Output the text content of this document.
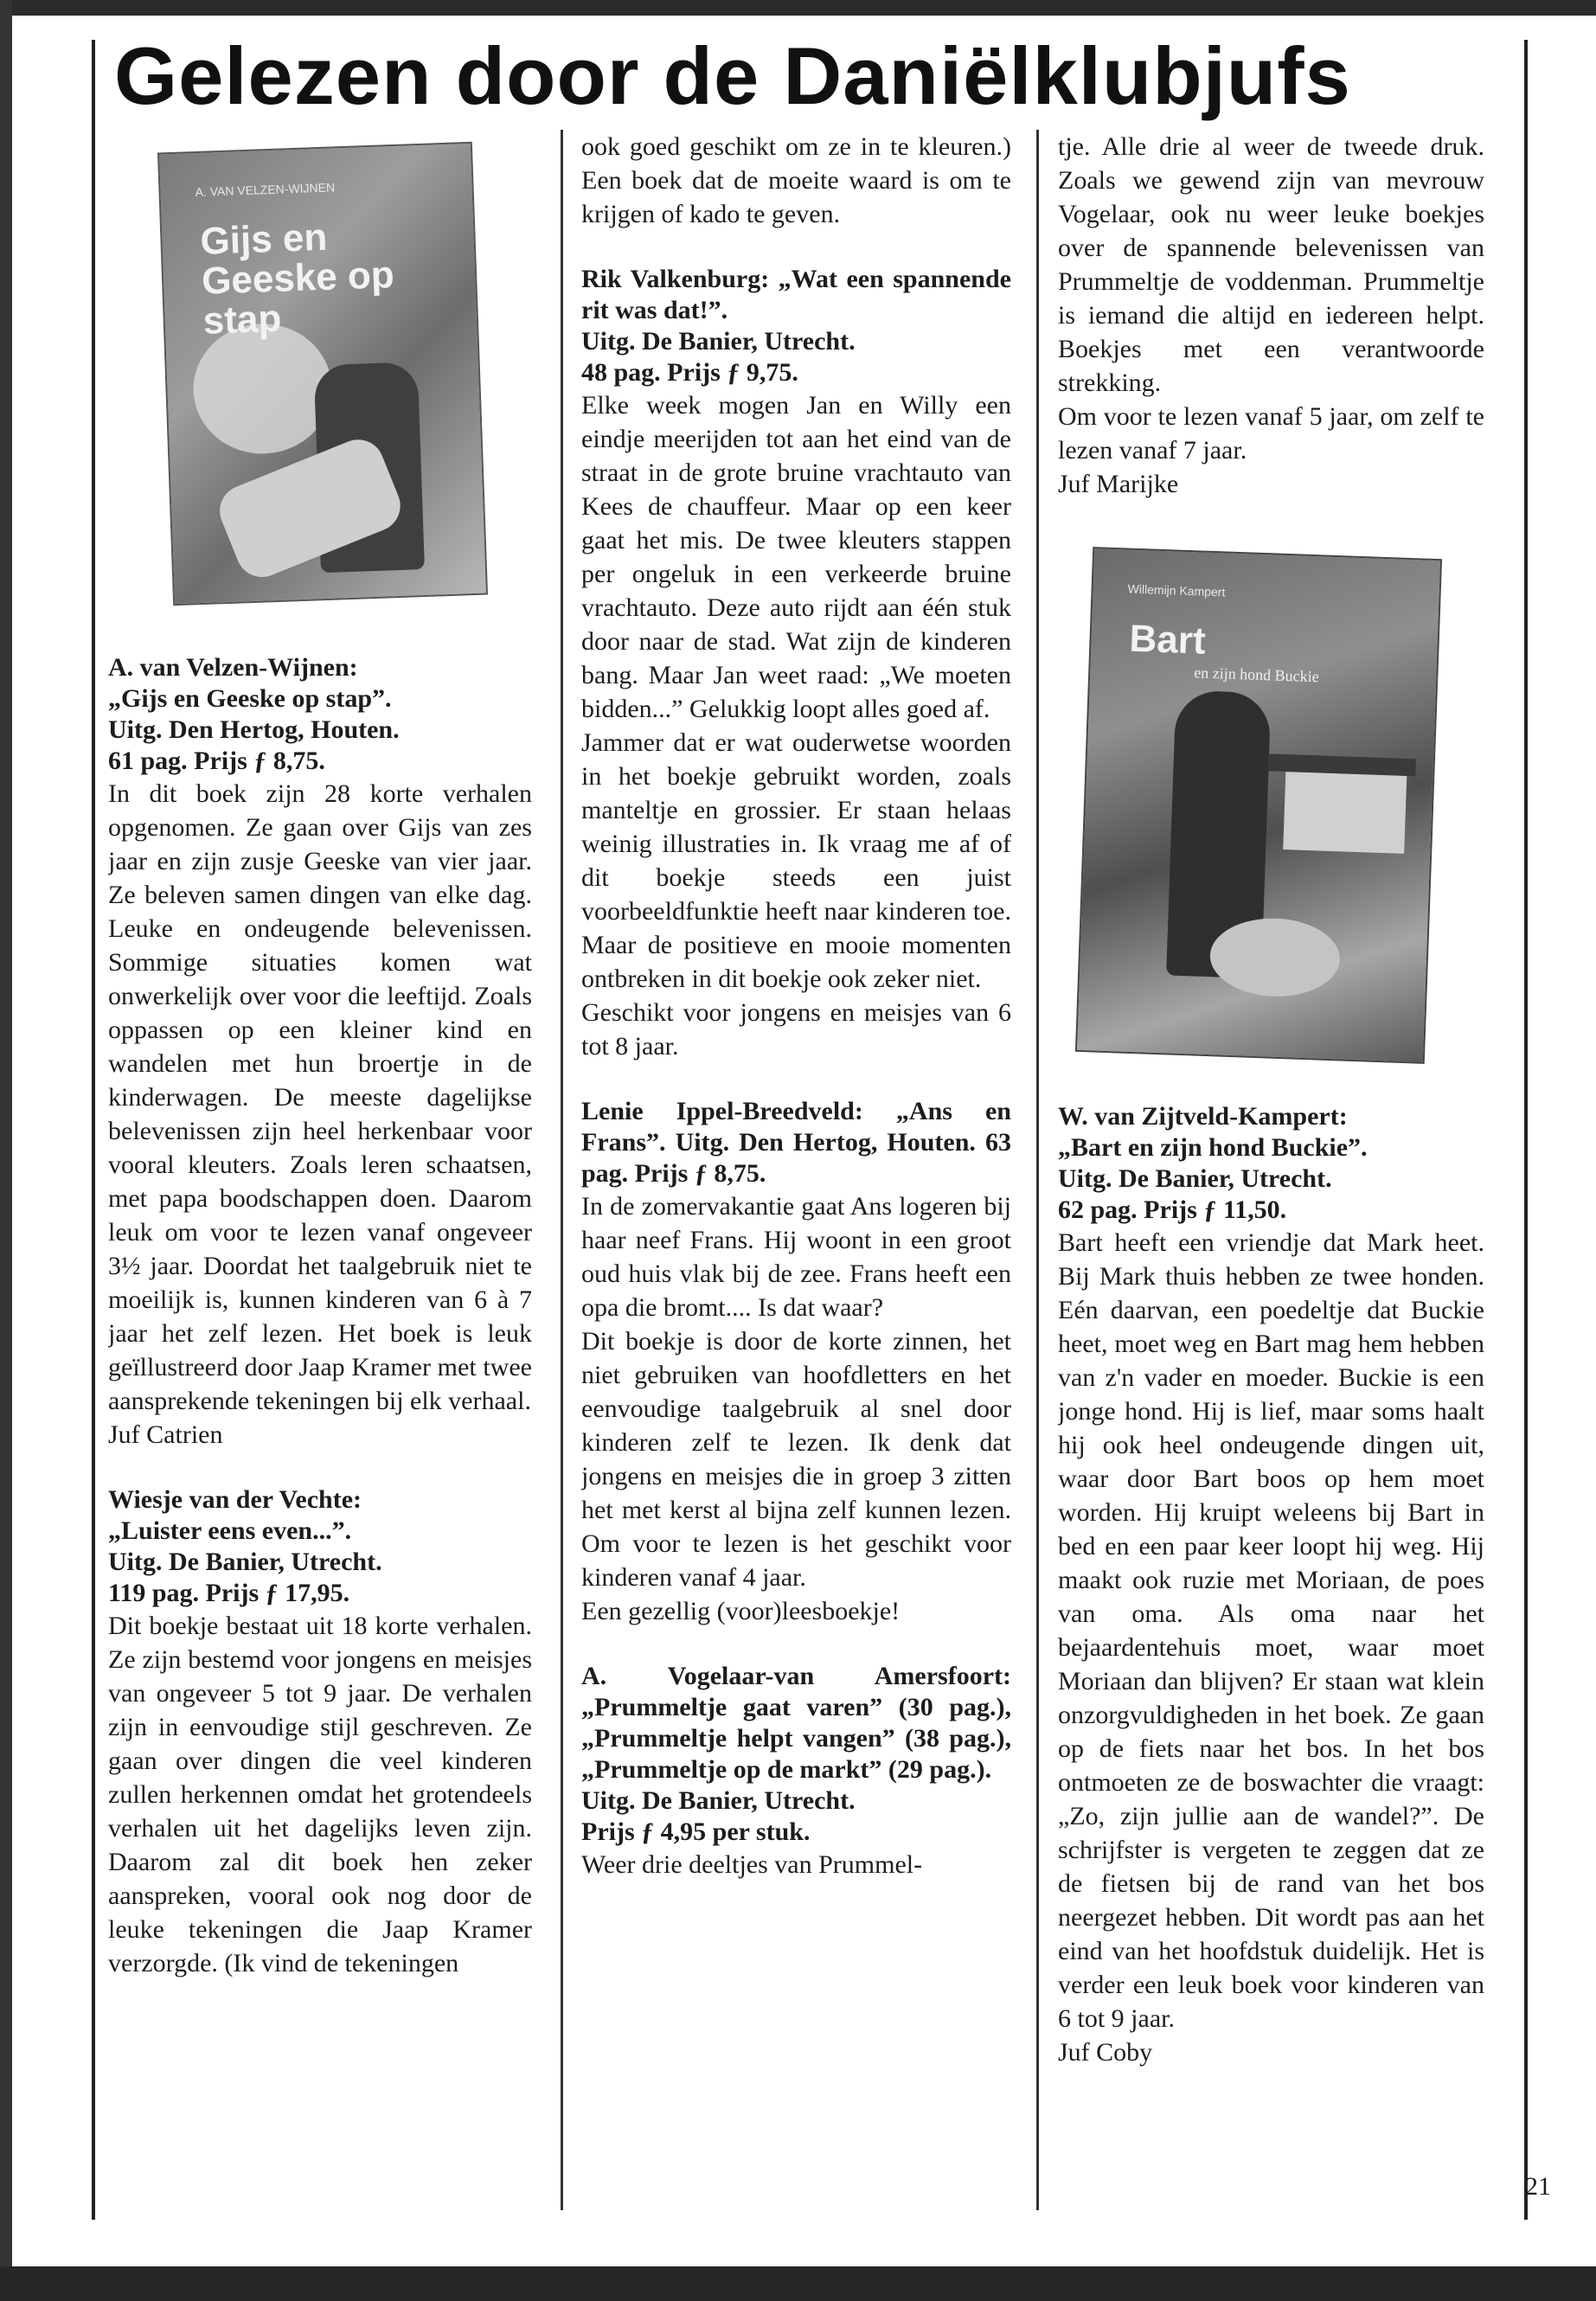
Gelezen door de Daniëlklubjufs
A. VAN VELZEN-WIJNEN
Gijs en Geeske op stap

A. van Velzen-Wijnen:

„Gijs en Geeske op stap”.

Uitg. Den Hertog, Houten.

61 pag. Prijs ƒ 8,75.

In dit boek zijn 28 korte verhalen opgenomen. Ze gaan over Gijs van zes jaar en zijn zusje Geeske van vier jaar. Ze beleven samen dingen van elke dag. Leuke en ondeugende belevenissen. Sommige situaties komen wat onwerkelijk over voor die leeftijd. Zoals oppassen op een kleiner kind en wandelen met hun broertje in de kinderwagen. De meeste dagelijkse belevenissen zijn heel herkenbaar voor vooral kleuters. Zoals leren schaatsen, met papa boodschappen doen. Daarom leuk om voor te lezen vanaf ongeveer 3½ jaar. Doordat het taalgebruik niet te moeilijk is, kunnen kinderen van 6 à 7 jaar het zelf lezen. Het boek is leuk geïllustreerd door Jaap Kramer met twee aansprekende tekeningen bij elk verhaal.

Juf Catrien

Wiesje van der Vechte:

„Luister eens even...”.

Uitg. De Banier, Utrecht.

119 pag. Prijs ƒ 17,95.

Dit boekje bestaat uit 18 korte verhalen. Ze zijn bestemd voor jongens en meisjes van ongeveer 5 tot 9 jaar. De verhalen zijn in eenvoudige stijl geschreven. Ze gaan over dingen die veel kinderen zullen herkennen omdat het grotendeels verhalen uit het dagelijks leven zijn. Daarom zal dit boek hen zeker aanspreken, vooral ook nog door de leuke tekeningen die Jaap Kramer verzorgde. (Ik vind de tekeningen

ook goed geschikt om ze in te kleuren.) Een boek dat de moeite waard is om te krijgen of kado te geven.

Rik Valkenburg: „Wat een spannende rit was dat!”.

Uitg. De Banier, Utrecht.

48 pag. Prijs ƒ 9,75.

Elke week mogen Jan en Willy een eindje meerijden tot aan het eind van de straat in de grote bruine vrachtauto van Kees de chauffeur. Maar op een keer gaat het mis. De twee kleuters stappen per ongeluk in een verkeerde bruine vrachtauto. Deze auto rijdt aan één stuk door naar de stad. Wat zijn de kinderen bang. Maar Jan weet raad: „We moeten bidden...” Gelukkig loopt alles goed af.

Jammer dat er wat ouderwetse woorden in het boekje gebruikt worden, zoals manteltje en grossier. Er staan helaas weinig illustraties in. Ik vraag me af of dit boekje steeds een juist voorbeeldfunktie heeft naar kinderen toe. Maar de positieve en mooie momenten ontbreken in dit boekje ook zeker niet.

Geschikt voor jongens en meisjes van 6 tot 8 jaar.

Lenie Ippel-Breedveld: „Ans en Frans”. Uitg. Den Hertog, Houten. 63 pag. Prijs ƒ 8,75.

In de zomervakantie gaat Ans logeren bij haar neef Frans. Hij woont in een groot oud huis vlak bij de zee. Frans heeft een opa die bromt.... Is dat waar?

Dit boekje is door de korte zinnen, het niet gebruiken van hoofdletters en het eenvoudige taalgebruik al snel door kinderen zelf te lezen. Ik denk dat jongens en meisjes die in groep 3 zitten het met kerst al bijna zelf kunnen lezen. Om voor te lezen is het geschikt voor kinderen vanaf 4 jaar.

Een gezellig (voor)leesboekje!

A. Vogelaar-van Amersfoort: „Prummeltje gaat varen” (30 pag.), „Prummeltje helpt vangen” (38 pag.), „Prummeltje op de markt” (29 pag.).

Uitg. De Banier, Utrecht.

Prijs ƒ 4,95 per stuk.

Weer drie deeltjes van Prummel-

tje. Alle drie al weer de tweede druk. Zoals we gewend zijn van mevrouw Vogelaar, ook nu weer leuke boekjes over de spannende belevenissen van Prummeltje de voddenman. Prummeltje is iemand die altijd en iedereen helpt. Boekjes met een verantwoorde strekking.

Om voor te lezen vanaf 5 jaar, om zelf te lezen vanaf 7 jaar.

Juf Marijke

Willemijn Kampert
Bart
en zijn hond Buckie

W. van Zijtveld-Kampert:

„Bart en zijn hond Buckie”.

Uitg. De Banier, Utrecht.

62 pag. Prijs ƒ 11,50.

Bart heeft een vriendje dat Mark heet. Bij Mark thuis hebben ze twee honden. Eén daarvan, een poedeltje dat Buckie heet, moet weg en Bart mag hem hebben van z'n vader en moeder. Buckie is een jonge hond. Hij is lief, maar soms haalt hij ook heel ondeugende dingen uit, waar door Bart boos op hem moet worden. Hij kruipt weleens bij Bart in bed en een paar keer loopt hij weg. Hij maakt ook ruzie met Moriaan, de poes van oma. Als oma naar het bejaardentehuis moet, waar moet Moriaan dan blijven? Er staan wat klein onzorgvuldigheden in het boek. Ze gaan op de fiets naar het bos. In het bos ontmoeten ze de boswachter die vraagt: „Zo, zijn jullie aan de wandel?”. De schrijfster is vergeten te zeggen dat ze de fietsen bij de rand van het bos neergezet hebben. Dit wordt pas aan het eind van het hoofdstuk duidelijk. Het is verder een leuk boek voor kinderen van 6 tot 9 jaar.

Juf Coby

21
